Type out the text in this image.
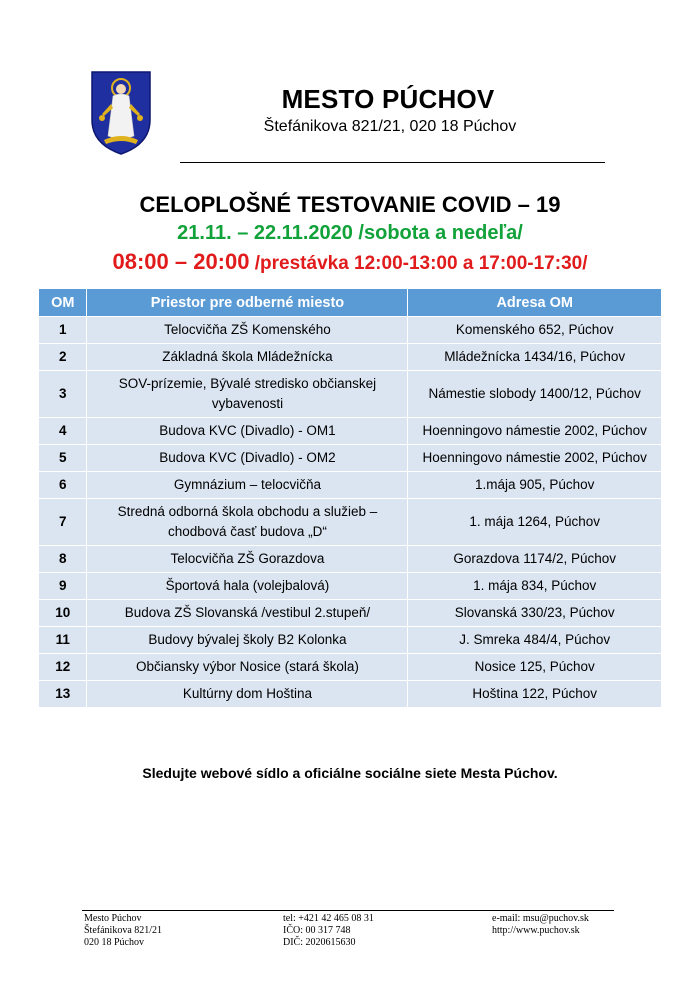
MESTO PÚCHOV
Štefánikova 821/21, 020 18 Púchov
CELOPLOŠNÉ TESTOVANIE COVID – 19
21.11. – 22.11.2020 /sobota a nedeľa/
08:00 – 20:00 /prestávka 12:00-13:00 a 17:00-17:30/
OM	Priestor pre odberné miesto	Adresa OM
1	Telocvičňa ZŠ Komenského	Komenského 652, Púchov
2	Základná škola Mládežnícka	Mládežnícka 1434/16, Púchov
3	SOV-prízemie, Bývalé stredisko občianskej vybavenosti	Námestie slobody 1400/12, Púchov
4	Budova KVC (Divadlo) - OM1	Hoenningovo námestie 2002, Púchov
5	Budova KVC (Divadlo) - OM2	Hoenningovo námestie 2002, Púchov
6	Gymnázium – telocvičňa	1.mája 905, Púchov
7	Stredná odborná škola obchodu a služieb – chodbová časť budova „D“	1. mája 1264, Púchov
8	Telocvičňa ZŠ Gorazdova	Gorazdova 1174/2, Púchov
9	Športová hala (volejbalová)	1. mája 834, Púchov
10	Budova ZŠ Slovanská /vestibul 2.stupeň/	Slovanská 330/23, Púchov
11	Budovy bývalej školy B2 Kolonka	J. Smreka 484/4, Púchov
12	Občiansky výbor Nosice (stará škola)	Nosice 125, Púchov
13	Kultúrny dom Hoština	Hoština 122, Púchov
Sledujte webové sídlo a oficiálne sociálne siete Mesta Púchov.
Mesto Púchov
Štefánikova 821/21
020 18 Púchov
tel: +421 42 465 08 31
IČO: 00 317 748
DIČ: 2020615630
e-mail: msu@puchov.sk
http://www.puchov.sk
